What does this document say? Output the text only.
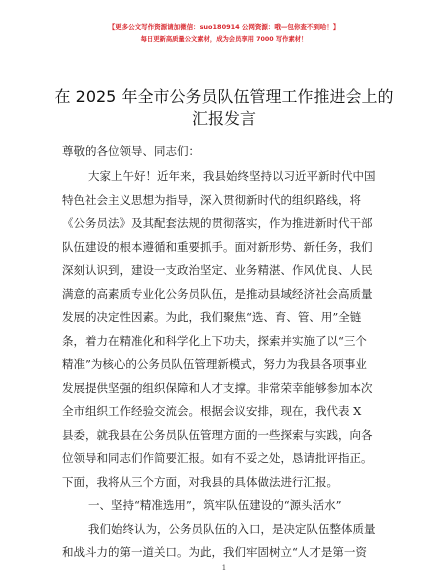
【更多公文写作资源请加微信：suo180914 公网资源：哦—包你查不到哈！】
每日更新高质量公文素材，成为会员享用 7000 写作素材！
在 2025 年全市公务员队伍管理工作推进会上的
汇报发言
尊敬的各位领导、同志们：
大家上午好！近年来，我县始终坚持以习近平新时代中国
特色社会主义思想为指导，深入贯彻新时代的组织路线，将
《公务员法》及其配套法规的贯彻落实，作为推进新时代干部
队伍建设的根本遵循和重要抓手。面对新形势、新任务，我们
深刻认识到，建设一支政治坚定、业务精湛、作风优良、人民
满意的高素质专业化公务员队伍，是推动县域经济社会高质量
发展的决定性因素。为此，我们聚焦“选、育、管、用”全链
条，着力在精准化和科学化上下功夫，探索并实施了以“三个
精准”为核心的公务员队伍管理新模式，努力为我县各项事业
发展提供坚强的组织保障和人才支撑。非常荣幸能够参加本次
全市组织工作经验交流会。根据会议安排，现在，我代表 X
县委，就我县在公务员队伍管理方面的一些探索与实践，向各
位领导和同志们作简要汇报。如有不妥之处，恳请批评指正。
下面，我将从三个方面，对我县的具体做法进行汇报。
一、坚持“精准选用”，筑牢队伍建设的“源头活水”
我们始终认为，公务员队伍的入口，是决定队伍整体质量
和战斗力的第一道关口。为此，我们牢固树立“人才是第一资
1
